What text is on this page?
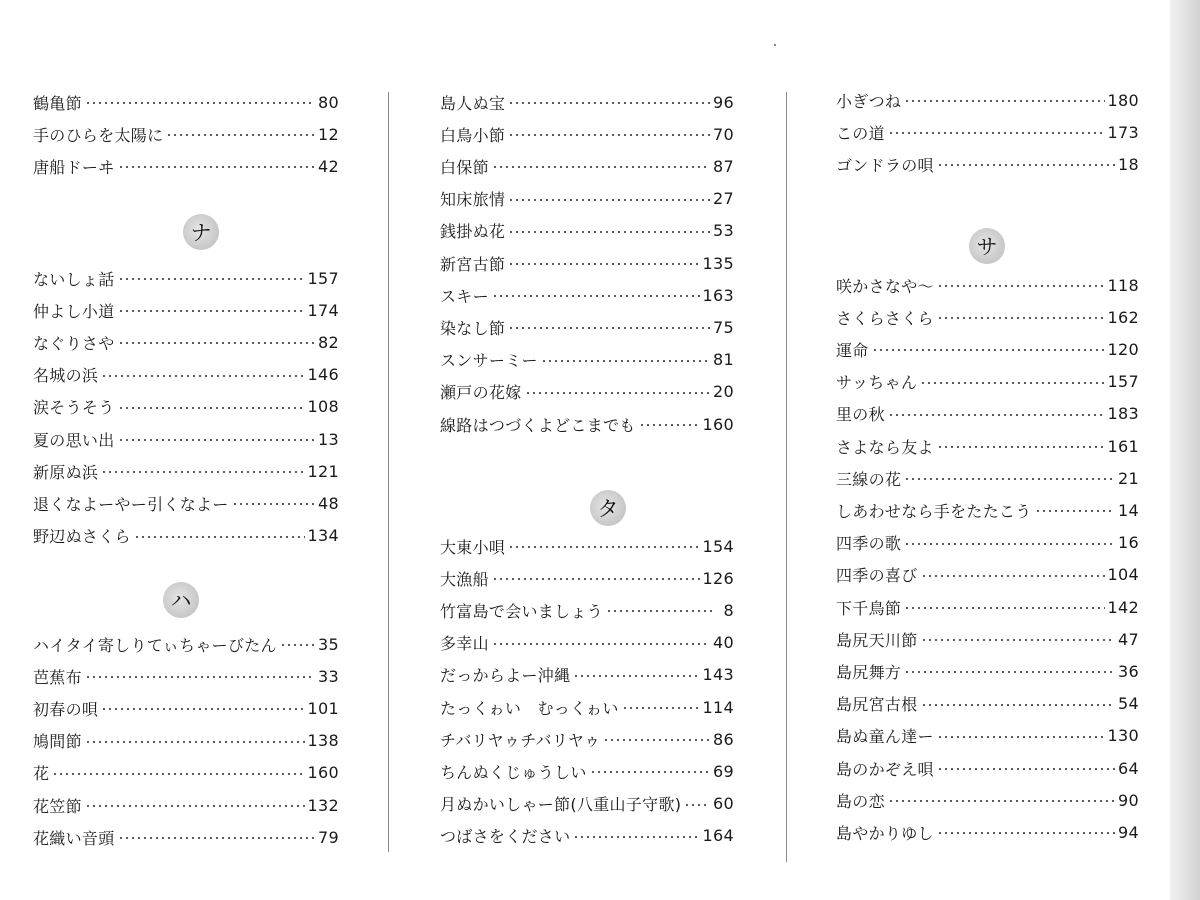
鶴亀節	80
手のひらを太陽に	12
唐船ドーヰ	42
ナ
ないしょ話	157
仲よし小道	174
なぐりさや	82
名城の浜	146
涙そうそう	108
夏の思い出	13
新原ぬ浜	121
退くなよーやー引くなよー	48
野辺ぬさくら	134
ハ
ハイタイ寄しりてぃちゃーびたん	35
芭蕉布	33
初春の唄	101
鳩間節	138
花	160
花笠節	132
花織い音頭	79
島人ぬ宝	96
白鳥小節	70
白保節	87
知床旅情	27
銭掛ぬ花	53
新宮古節	135
スキー	163
染なし節	75
スンサーミー	81
瀬戸の花嫁	20
線路はつづくよどこまでも	160
タ
大東小唄	154
大漁船	126
竹富島で会いましょう	8
多幸山	40
だっからよー沖縄	143
たっくゎい　むっくゎい	114
チバリヤゥチバリヤゥ	86
ちんぬくじゅうしい	69
月ぬかいしゃー節(八重山子守歌) 60
つばさをください	164
小ぎつね	180
この道	173
ゴンドラの唄	18
サ
咲かさなや〜	118
さくらさくら	162
運命	120
サッちゃん	157
里の秋	183
さよなら友よ	161
三線の花	21
しあわせなら手をたたこう	14
四季の歌	16
四季の喜び	104
下千鳥節	142
島尻天川節	47
島尻舞方	36
島尻宮古根	54
島ぬ童ん達ー	130
島のかぞえ唄	64
島の恋	90
島やかりゆし	94
